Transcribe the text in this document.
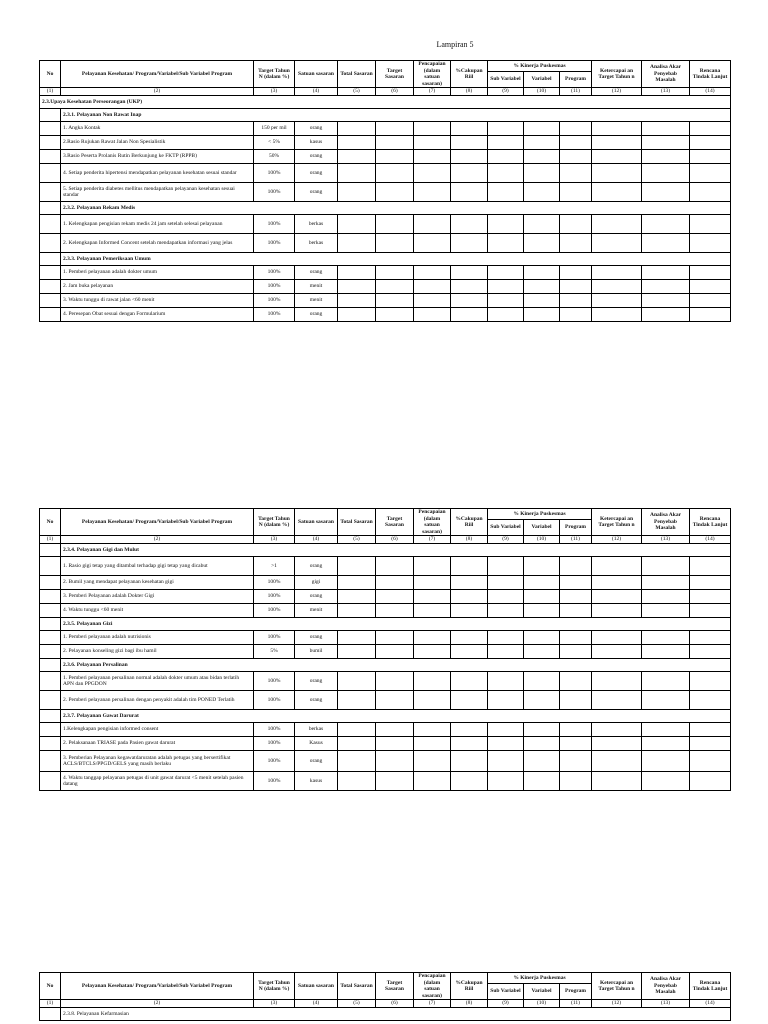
Lampiran 5
No	Pelayanan Kesehatan/ Program/Variabel/Sub Variabel Program	Target Tahun N (dalam %)	Satuan sasaran	Total Sasaran	Target Sasaran	Pencapaian (dalam satuan sasaran)	%Cakupan Riil	% Kinerja Puskesmas			Ketercapai an Target Tahun n	Analisa Akar Penyebab Masalah	Rencana Tindak Lanjut
								Sub Variabel	Variabel	Program			
(1)	(2)	(3)	(4)	(5)	(6)	(7)	(8)	(9)	(10)	(11)	(12)	(13)	(14)
2.3.Upaya Kesehatan Perseorangan (UKP)													
	2.3.1. Pelayanan Non Rawat Inap												
	1. Angka Kontak	150 per mil	orang										
	2.Rasio Rujukan Rawat Jalan Non Spesialistik	< 5%	kasus										
	3.Rasio Peserta Prolanis Rutin Berkunjung ke FKTP (RPPB)	50%	orang										
	4. Setiap penderita hipertensi mendapatkan pelayanan kesehatan sesuai standar	100%	orang										
	5. Setiap penderita diabetes mellitus mendapatkan pelayanan kesehatan sesuai standar	100%	orang										
	2.3.2. Pelayanan Rekam Medis												
	1. Kelengkapan pengisian rekam medis 24 jam setelah selesai pelayanan	100%	berkas										
	2. Kelengkapan Informed Concent setelah mendapatkan informasi yang jelas	100%	berkas										
	2.3.3. Pelayanan Pemeriksaan Umum												
	1. Pemberi pelayanan adalah dokter umum	100%	orang										
	2. Jam buka pelayanan	100%	menit										
	3. Waktu tunggu di rawat jalan <60 menit	100%	menit										
	4. Peresepan Obat sesuai dengan Formularium	100%	orang										
No	Pelayanan Kesehatan/ Program/Variabel/Sub Variabel Program	Target Tahun N (dalam %)	Satuan sasaran	Total Sasaran	Target Sasaran	Pencapaian (dalam satuan sasaran)	%Cakupan Riil	% Kinerja Puskesmas			Ketercapai an Target Tahun n	Analisa Akar Penyebab Masalah	Rencana Tindak Lanjut
								Sub Variabel	Variabel	Program			
(1)	(2)	(3)	(4)	(5)	(6)	(7)	(8)	(9)	(10)	(11)	(12)	(13)	(14)
	2.3.4. Pelayanan Gigi dan Mulut												
	1. Rasio gigi tetap yang ditambal terhadap gigi tetap yang dicabut	>1	orang										
	2. Bumil yang mendapat pelayanan kesehatan gigi	100%	gigi										
	3. Pemberi Pelayanan adalah Dokter Gigi	100%	orang										
	4. Waktu tunggu <60 menit	100%	menit										
	2.3.5. Pelayanan Gizi												
	1. Pemberi pelayanan adalah nutrisionis	100%	orang										
	2. Pelayanan konseling gizi bagi ibu hamil	5%	bumil										
	2.3.6. Pelayanan Persalinan												
	1. Pemberi pelayanan persalinan normal adalah dokter umum atau bidan terlatih APN dan PPGDON	100%	orang										
	2. Pemberi pelayanan persalinan dengan penyakit adalah tim PONED Terlatih	100%	orang										
	2.3.7. Pelayanan Gawat Darurat												
	1.Kelengkapan pengisian informed consent	100%	berkas										
	2. Pelaksanaan TRIASE pada Pasien gawat darurat	100%	Kasus										
	3. Pemberian Pelayanan kegawatdaruratan adalah petugas yang bersertifikat ACLS/BTCLS/PPGD/GELS yang masih berlaku	100%	orang										
	4. Waktu tanggap pelayanan petugas di unit gawat darurat <5 menit setelah pasien datang	100%	kasus										
No	Pelayanan Kesehatan/ Program/Variabel/Sub Variabel Program	Target Tahun N (dalam %)	Satuan sasaran	Total Sasaran	Target Sasaran	Pencapaian (dalam satuan sasaran)	%Cakupan Riil	% Kinerja Puskesmas			Ketercapai an Target Tahun n	Analisa Akar Penyebab Masalah	Rencana Tindak Lanjut
								Sub Variabel	Variabel	Program			
(1)	(2)	(3)	(4)	(5)	(6)	(7)	(8)	(9)	(10)	(11)	(12)	(13)	(14)
	2.3.8. Pelayanan Kefarmasian												
